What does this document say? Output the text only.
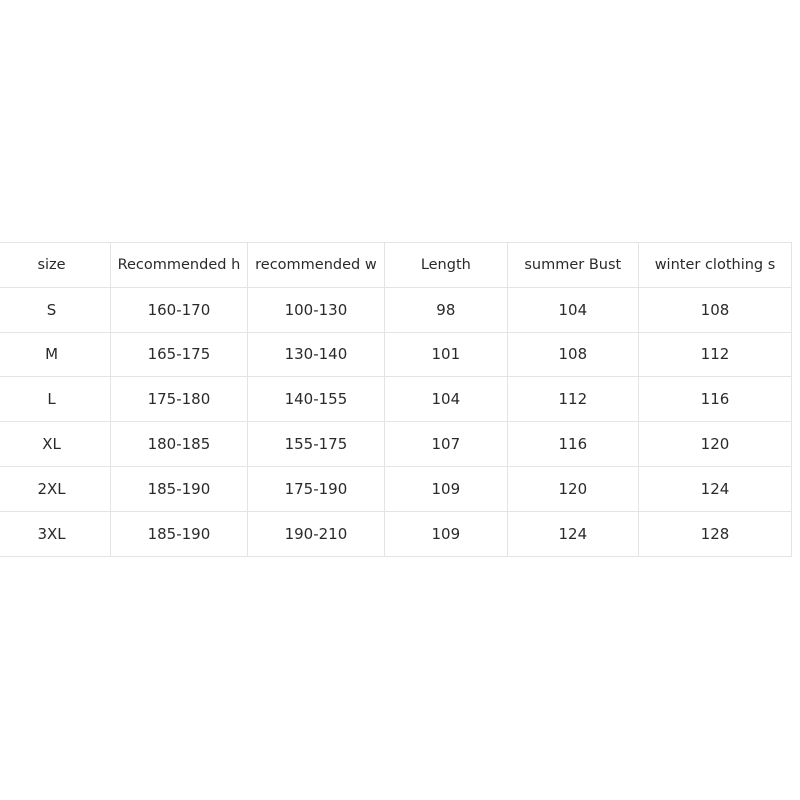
size	Recommended h	recommended w	Length	summer Bust	winter clothing s
S	160-170	100-130	98	104	108
M	165-175	130-140	101	108	112
L	175-180	140-155	104	112	116
XL	180-185	155-175	107	116	120
2XL	185-190	175-190	109	120	124
3XL	185-190	190-210	109	124	128
